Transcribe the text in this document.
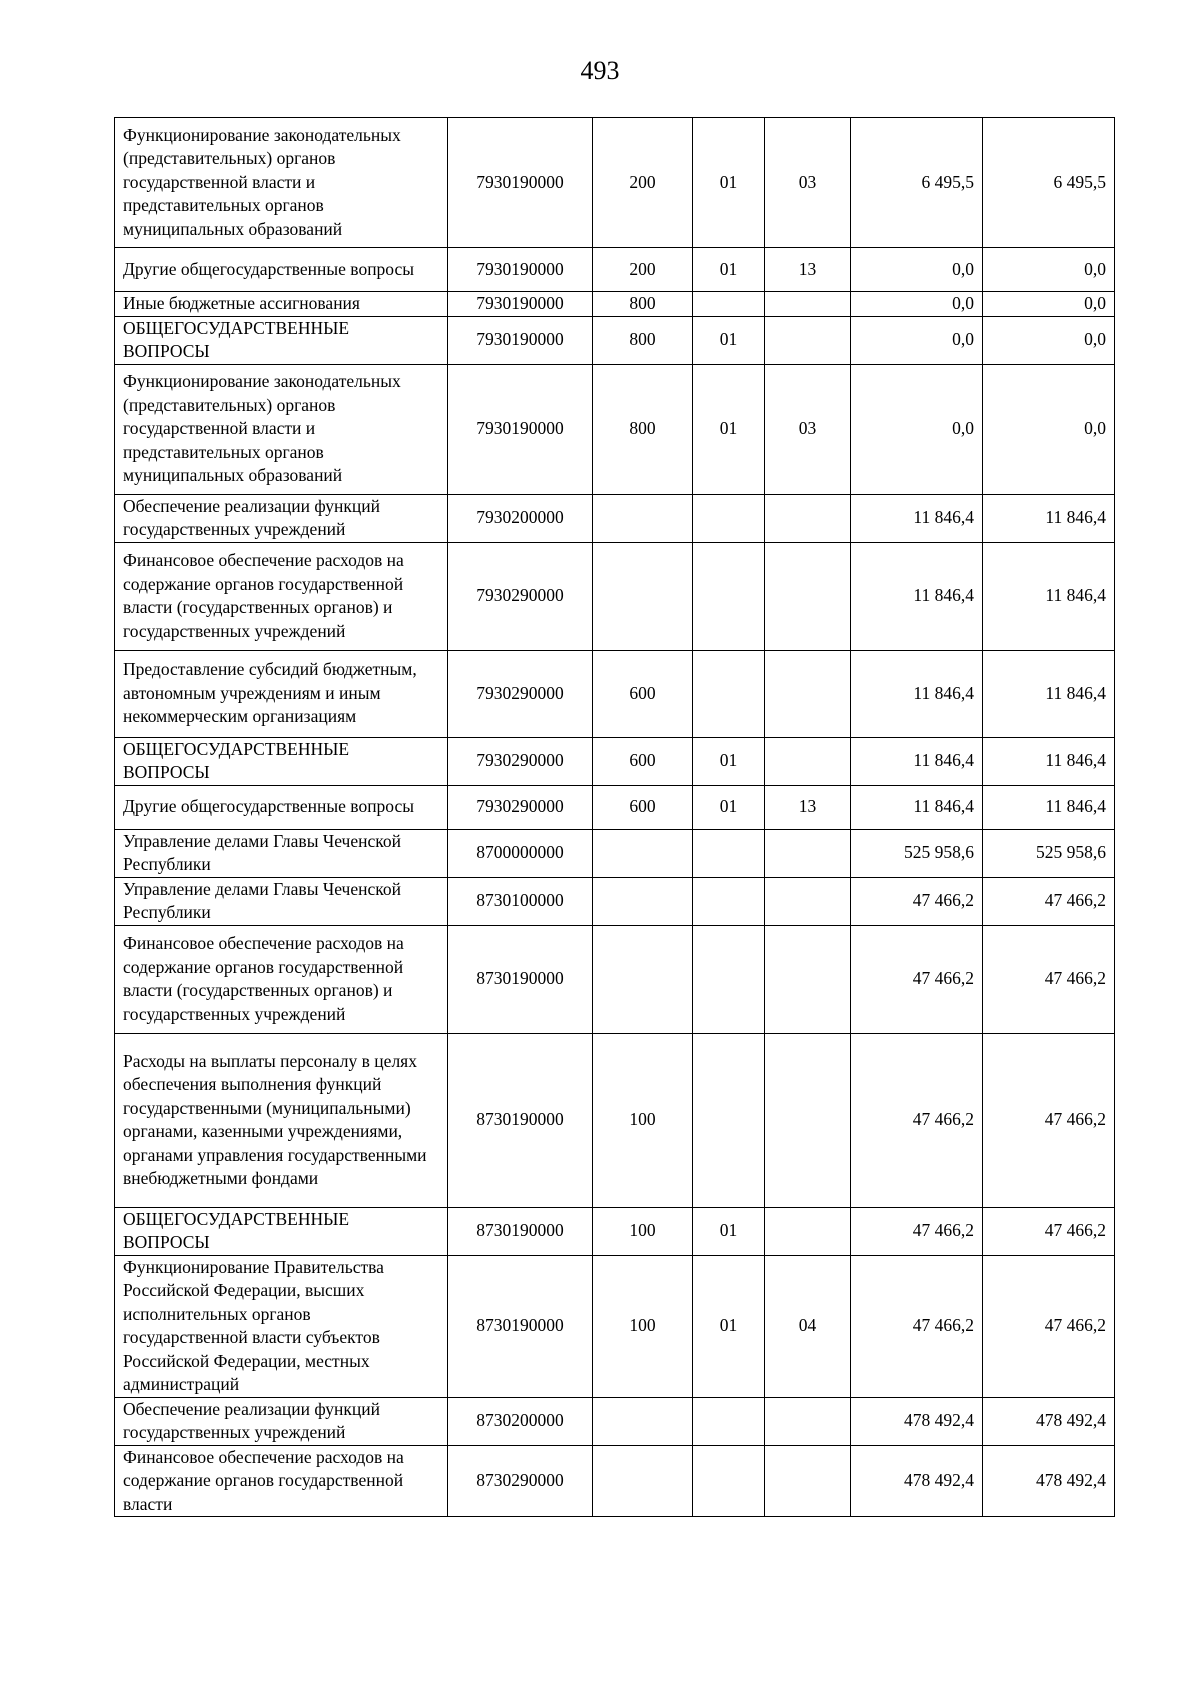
493
Функционирование законодательных (представительных) органов государственной власти и представительных органов муниципальных образований	7930190000	200	01	03	6 495,5	6 495,5
Другие общегосударственные вопросы	7930190000	200	01	13	0,0	0,0
Иные бюджетные ассигнования	7930190000	800			0,0	0,0
ОБЩЕГОСУДАРСТВЕННЫЕ ВОПРОСЫ	7930190000	800	01		0,0	0,0
Функционирование законодательных (представительных) органов государственной власти и представительных органов муниципальных образований	7930190000	800	01	03	0,0	0,0
Обеспечение реализации функций государственных учреждений	7930200000				11 846,4	11 846,4
Финансовое обеспечение расходов на содержание органов государственной власти (государственных органов) и государственных учреждений	7930290000				11 846,4	11 846,4
Предоставление субсидий бюджетным, автономным учреждениям и иным некоммерческим организациям	7930290000	600			11 846,4	11 846,4
ОБЩЕГОСУДАРСТВЕННЫЕ ВОПРОСЫ	7930290000	600	01		11 846,4	11 846,4
Другие общегосударственные вопросы	7930290000	600	01	13	11 846,4	11 846,4
Управление делами Главы Чеченской Республики	8700000000				525 958,6	525 958,6
Управление делами Главы Чеченской Республики	8730100000				47 466,2	47 466,2
Финансовое обеспечение расходов на содержание органов государственной власти (государственных органов) и государственных учреждений	8730190000				47 466,2	47 466,2
Расходы на выплаты персоналу в целях обеспечения выполнения функций государственными (муниципальными) органами, казенными учреждениями, органами управления государственными внебюджетными фондами	8730190000	100			47 466,2	47 466,2
ОБЩЕГОСУДАРСТВЕННЫЕ ВОПРОСЫ	8730190000	100	01		47 466,2	47 466,2
Функционирование Правительства Российской Федерации, высших исполнительных органов государственной власти субъектов Российской Федерации, местных администраций	8730190000	100	01	04	47 466,2	47 466,2
Обеспечение реализации функций государственных учреждений	8730200000				478 492,4	478 492,4
Финансовое обеспечение расходов на содержание органов государственной власти	8730290000				478 492,4	478 492,4
